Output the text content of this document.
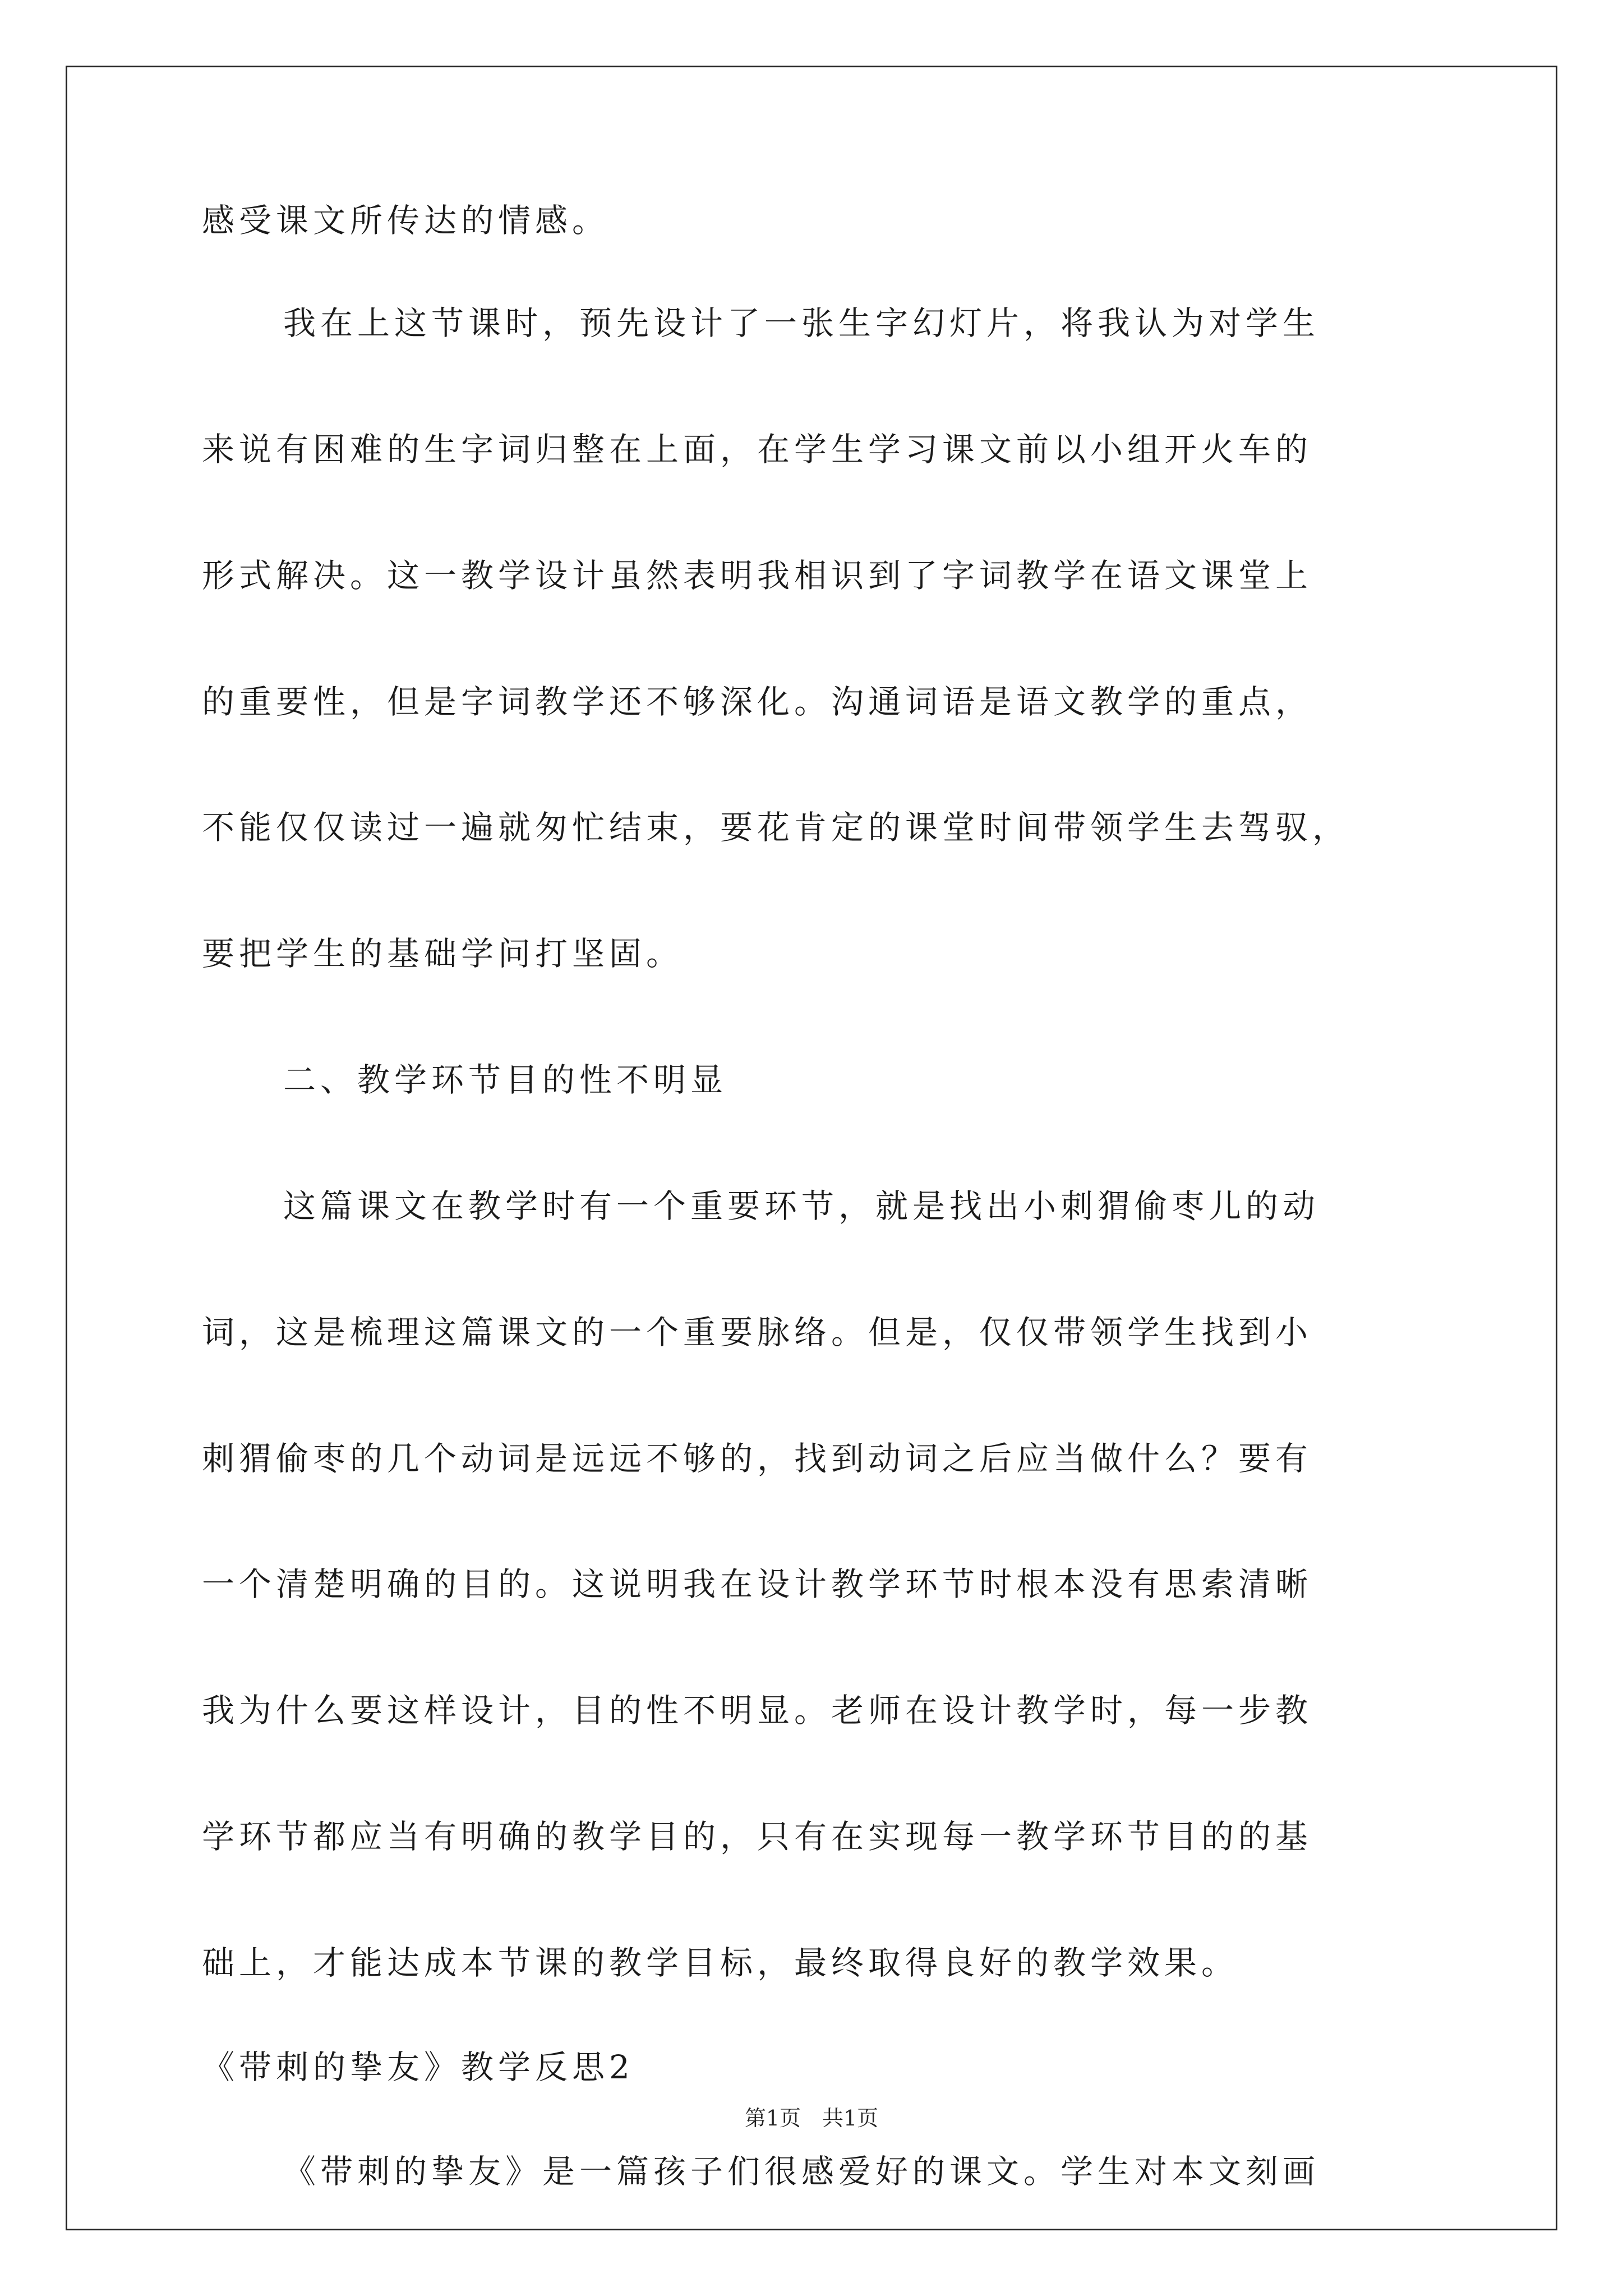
感受课文所传达的情感。
我在上这节课时，预先设计了一张生字幻灯片，将我认为对学生
来说有困难的生字词归整在上面，在学生学习课文前以小组开火车的
形式解决。这一教学设计虽然表明我相识到了字词教学在语文课堂上
的重要性，但是字词教学还不够深化。沟通词语是语文教学的重点，
不能仅仅读过一遍就匆忙结束，要花肯定的课堂时间带领学生去驾驭，
要把学生的基础学问打坚固。
二、教学环节目的性不明显
这篇课文在教学时有一个重要环节，就是找出小刺猬偷枣儿的动
词，这是梳理这篇课文的一个重要脉络。但是，仅仅带领学生找到小
刺猬偷枣的几个动词是远远不够的，找到动词之后应当做什么？要有
一个清楚明确的目的。这说明我在设计教学环节时根本没有思索清晰
我为什么要这样设计，目的性不明显。老师在设计教学时，每一步教
学环节都应当有明确的教学目的，只有在实现每一教学环节目的的基
础上，才能达成本节课的教学目标，最终取得良好的教学效果。
《带刺的挚友》教学反思2
《带刺的挚友》是一篇孩子们很感爱好的课文。学生对本文刻画
第1页　共1页
